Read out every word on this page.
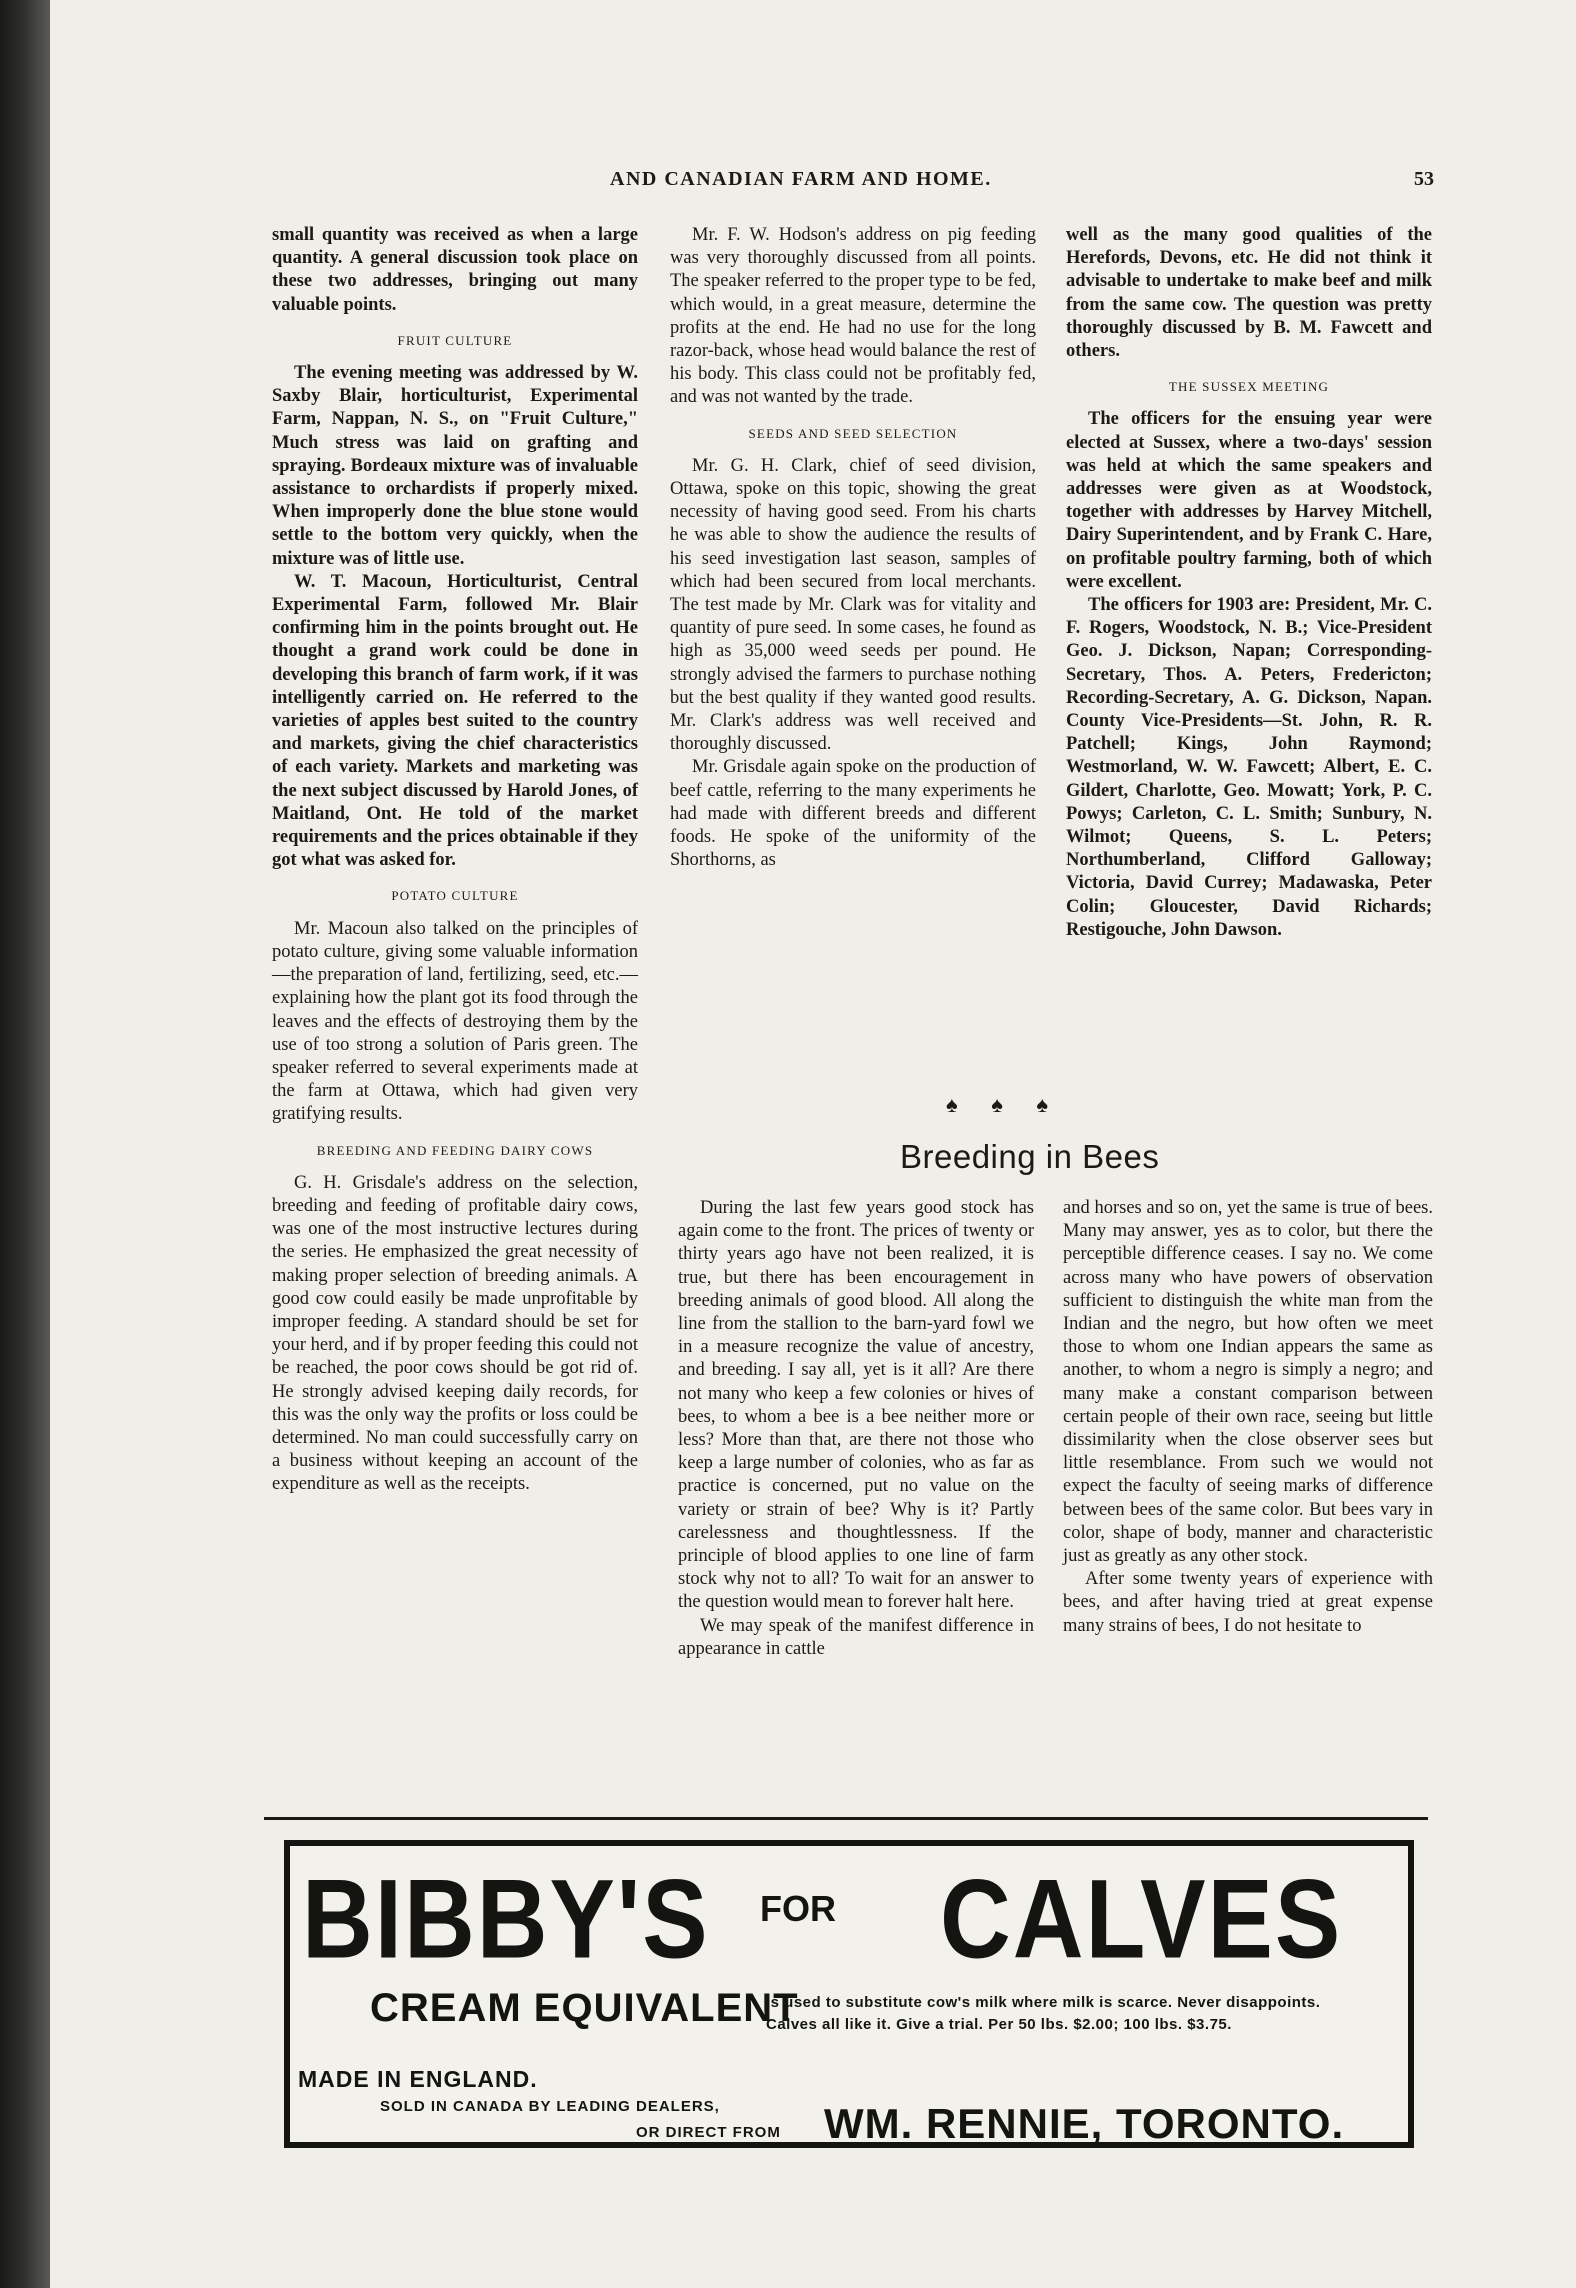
AND CANADIAN FARM AND HOME.	53

small quantity was received as when a large quantity. A general discussion took place on these two addresses, bringing out many valuable points.

FRUIT CULTURE

The evening meeting was addressed by W. Saxby Blair, horticulturist, Experimental Farm, Nappan, N. S., on "Fruit Culture," Much stress was laid on grafting and spraying. Bordeaux mixture was of invaluable assistance to orchardists if properly mixed. When improperly done the blue stone would settle to the bottom very quickly, when the mixture was of little use.

W. T. Macoun, Horticulturist, Central Experimental Farm, followed Mr. Blair confirming him in the points brought out. He thought a grand work could be done in developing this branch of farm work, if it was intelligently carried on. He referred to the varieties of apples best suited to the country and markets, giving the chief characteristics of each variety. Markets and marketing was the next subject discussed by Harold Jones, of Maitland, Ont. He told of the market requirements and the prices obtainable if they got what was asked for.

POTATO CULTURE

Mr. Macoun also talked on the principles of potato culture, giving some valuable information—the preparation of land, fertilizing, seed, etc.—explaining how the plant got its food through the leaves and the effects of destroying them by the use of too strong a solution of Paris green. The speaker referred to several experiments made at the farm at Ottawa, which had given very gratifying results.

BREEDING AND FEEDING DAIRY COWS

G. H. Grisdale's address on the selection, breeding and feeding of profitable dairy cows, was one of the most instructive lectures during the series. He emphasized the great necessity of making proper selection of breeding animals. A good cow could easily be made unprofitable by improper feeding. A standard should be set for your herd, and if by proper feeding this could not be reached, the poor cows should be got rid of. He strongly advised keeping daily records, for this was the only way the profits or loss could be determined. No man could successfully carry on a business without keeping an account of the expenditure as well as the receipts.

Mr. F. W. Hodson's address on pig feeding was very thoroughly discussed from all points. The speaker referred to the proper type to be fed, which would, in a great measure, determine the profits at the end. He had no use for the long razor-back, whose head would balance the rest of his body. This class could not be profitably fed, and was not wanted by the trade.

SEEDS AND SEED SELECTION

Mr. G. H. Clark, chief of seed division, Ottawa, spoke on this topic, showing the great necessity of having good seed. From his charts he was able to show the audience the results of his seed investigation last season, samples of which had been secured from local merchants. The test made by Mr. Clark was for vitality and quantity of pure seed. In some cases, he found as high as 35,000 weed seeds per pound. He strongly advised the farmers to purchase nothing but the best quality if they wanted good results. Mr. Clark's address was well received and thoroughly discussed.

Mr. Grisdale again spoke on the production of beef cattle, referring to the many experiments he had made with different breeds and different foods. He spoke of the uniformity of the Shorthorns, as

well as the many good qualities of the Herefords, Devons, etc. He did not think it advisable to undertake to make beef and milk from the same cow. The question was pretty thoroughly discussed by B. M. Fawcett and others.

THE SUSSEX MEETING

The officers for the ensuing year were elected at Sussex, where a two-days' session was held at which the same speakers and addresses were given as at Woodstock, together with addresses by Harvey Mitchell, Dairy Superintendent, and by Frank C. Hare, on profitable poultry farming, both of which were excellent.

The officers for 1903 are: President, Mr. C. F. Rogers, Woodstock, N. B.; Vice-President Geo. J. Dickson, Napan; Corresponding-Secretary, Thos. A. Peters, Fredericton; Recording-Secretary, A. G. Dickson, Napan. County Vice-Presidents—St. John, R. R. Patchell; Kings, John Raymond; Westmorland, W. W. Fawcett; Albert, E. C. Gildert, Charlotte, Geo. Mowatt; York, P. C. Powys; Carleton, C. L. Smith; Sunbury, N. Wilmot; Queens, S. L. Peters; Northumberland, Clifford Galloway; Victoria, David Currey; Madawaska, Peter Colin; Gloucester, David Richards; Restigouche, John Dawson.

♠ ♠ ♠
Breeding in Bees

During the last few years good stock has again come to the front. The prices of twenty or thirty years ago have not been realized, it is true, but there has been encouragement in breeding animals of good blood. All along the line from the stallion to the barn-yard fowl we in a measure recognize the value of ancestry, and breeding. I say all, yet is it all? Are there not many who keep a few colonies or hives of bees, to whom a bee is a bee neither more or less? More than that, are there not those who keep a large number of colonies, who as far as practice is concerned, put no value on the variety or strain of bee? Why is it? Partly carelessness and thoughtlessness. If the principle of blood applies to one line of farm stock why not to all? To wait for an answer to the question would mean to forever halt here.

We may speak of the manifest difference in appearance in cattle

and horses and so on, yet the same is true of bees. Many may answer, yes as to color, but there the perceptible difference ceases. I say no. We come across many who have powers of observation sufficient to distinguish the white man from the Indian and the negro, but how often we meet those to whom one Indian appears the same as another, to whom a negro is simply a negro; and many make a constant comparison between certain people of their own race, seeing but little dissimilarity when the close observer sees but little resemblance. From such we would not expect the faculty of seeing marks of difference between bees of the same color. But bees vary in color, shape of body, manner and characteristic just as greatly as any other stock.

After some twenty years of experience with bees, and after having tried at great expense many strains of bees, I do not hesitate to

BIBBY'S FOR CALVES
CREAM EQUIVALENT
is used to substitute cow's milk where milk is scarce. Never disappoints. Calves all like it. Give a trial. Per 50 lbs. $2.00; 100 lbs. $3.75.
MADE IN ENGLAND.
SOLD IN CANADA BY LEADING DEALERS,
OR DIRECT FROM WM. RENNIE, TORONTO.
